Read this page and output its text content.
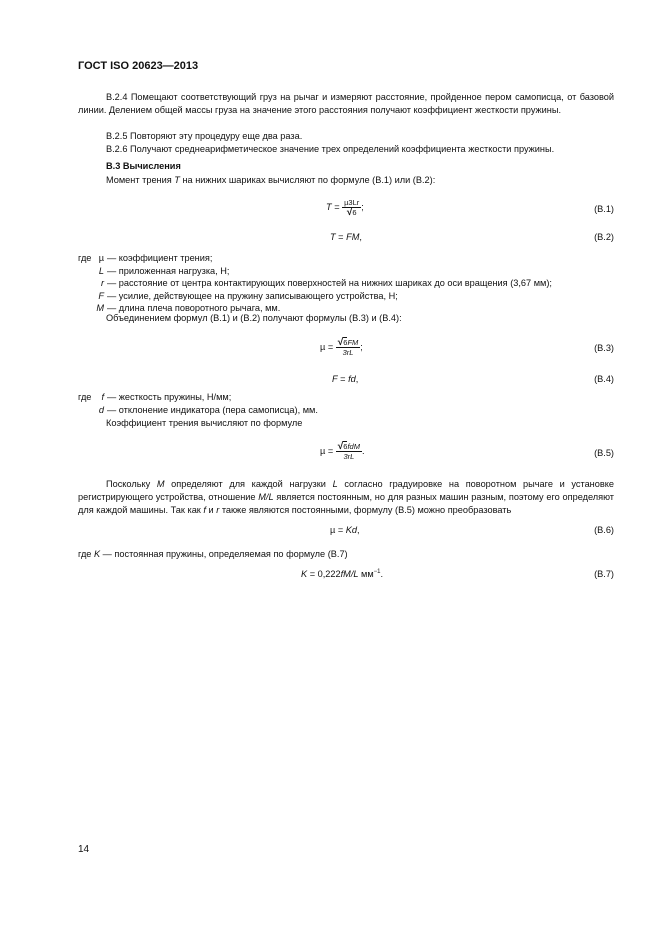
ГОСТ ISO 20623—2013
В.2.4 Помещают соответствующий груз на рычаг и измеряют расстояние, пройденное пером самописца, от базовой линии. Делением общей массы груза на значение этого расстояния получают коэффициент жесткости пружины.
В.2.5 Повторяют эту процедуру еще два раза.
В.2.6 Получают среднеарифметическое значение трех определений коэффициента жесткости пружины.
В.3 Вычисления
Момент трения T на нижних шариках вычисляют по формуле (В.1) или (В.2):
$T = \frac{\text{µ3Lr}}{√6}$ ;	(В.1)
T = FM,	(В.2)
где µ — коэффициент трения;
L — приложенная нагрузка, Н;
r — расстояние от центра контактирующих поверхностей на нижних шариках до оси вращения (3,67 мм);
F — усилие, действующее на пружину записывающего устройства, Н;
M — длина плеча поворотного рычага, мм.
Объединением формул (В.1) и (В.2) получают формулы (В.3) и (В.4):
$\mu = \frac{√6FM}{3rL}$ ;	(В.3)
F = fd,	(В.4)
где	f — жесткость пружины, Н/мм;
d — отклонение индикатора (пера самописца), мм.
Коэффициент трения вычисляют по формуле
$\mu = \frac{\text{√6fdM}}{3rL}$ .	(В.5)
Поскольку M определяют для каждой нагрузки L согласно градуировке на поворотном рычаге и установке регистрирующего устройства, отношение M/L является постоянным, но для разных машин разным, поэтому его определяют для каждой машины. Так как f и r также являются постоянными, формулу (В.5) можно преобразовать
µ = Kd,	(В.6)
где K — постоянная пружины, определяемая по формуле (В.7)
K = 0,222fM/L $мм^{-1}$.	(В.7)
14
